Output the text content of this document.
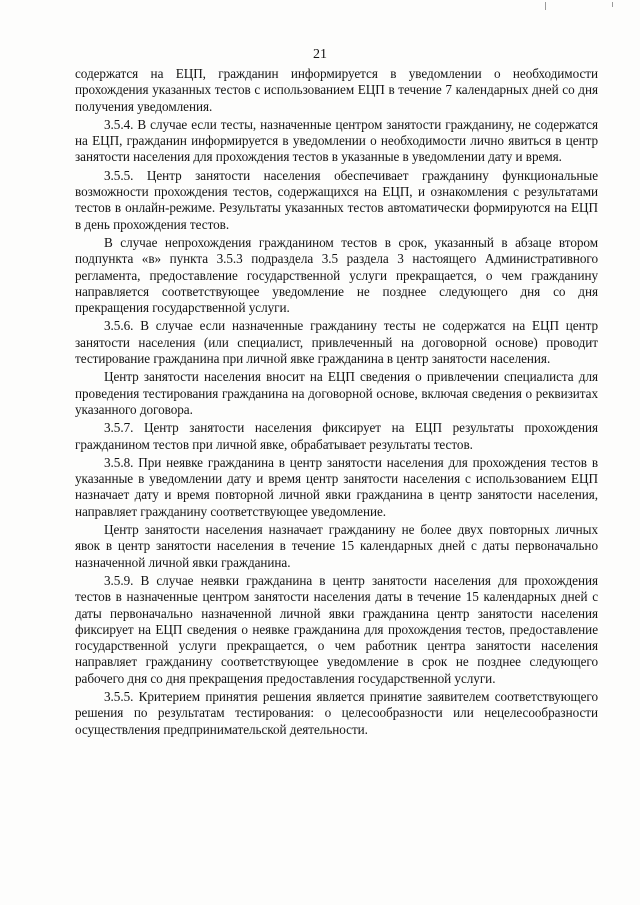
21

содержатся на ЕЦП, гражданин информируется в уведомлении о необходимости прохождения указанных тестов с использованием ЕЦП в течение 7 календарных дней со дня получения уведомления.

3.5.4. В случае если тесты, назначенные центром занятости гражданину, не содержатся на ЕЦП, гражданин информируется в уведомлении о необходимости лично явиться в центр занятости населения для прохождения тестов в указанные в уведомлении дату и время.

3.5.5. Центр занятости населения обеспечивает гражданину функциональные возможности прохождения тестов, содержащихся на ЕЦП, и ознакомления с результатами тестов в онлайн-режиме. Результаты указанных тестов автоматически формируются на ЕЦП в день прохождения тестов.

В случае непрохождения гражданином тестов в срок, указанный в абзаце втором подпункта «в» пункта 3.5.3 подраздела 3.5 раздела 3 настоящего Административного регламента, предоставление государственной услуги прекращается, о чем гражданину направляется соответствующее уведомление не позднее следующего дня со дня прекращения государственной услуги.

3.5.6. В случае если назначенные гражданину тесты не содержатся на ЕЦП центр занятости населения (или специалист, привлеченный на договорной основе) проводит тестирование гражданина при личной явке гражданина в центр занятости населения.

Центр занятости населения вносит на ЕЦП сведения о привлечении специалиста для проведения тестирования гражданина на договорной основе, включая сведения о реквизитах указанного договора.

3.5.7. Центр занятости населения фиксирует на ЕЦП результаты прохождения гражданином тестов при личной явке, обрабатывает результаты тестов.

3.5.8. При неявке гражданина в центр занятости населения для прохождения тестов в указанные в уведомлении дату и время центр занятости населения с использованием ЕЦП назначает дату и время повторной личной явки гражданина в центр занятости населения, направляет гражданину соответствующее уведомление.

Центр занятости населения назначает гражданину не более двух повторных личных явок в центр занятости населения в течение 15 календарных дней с даты первоначально назначенной личной явки гражданина.

3.5.9. В случае неявки гражданина в центр занятости населения для прохождения тестов в назначенные центром занятости населения даты в течение 15 календарных дней с даты первоначально назначенной личной явки гражданина центр занятости населения фиксирует на ЕЦП сведения о неявке гражданина для прохождения тестов, предоставление государственной услуги прекращается, о чем работник центра занятости населения направляет гражданину соответствующее уведомление в срок не позднее следующего рабочего дня со дня прекращения предоставления государственной услуги.

3.5.5. Критерием принятия решения является принятие заявителем соответствующего решения по результатам тестирования: о целесообразности или нецелесообразности осуществления предпринимательской деятельности.
